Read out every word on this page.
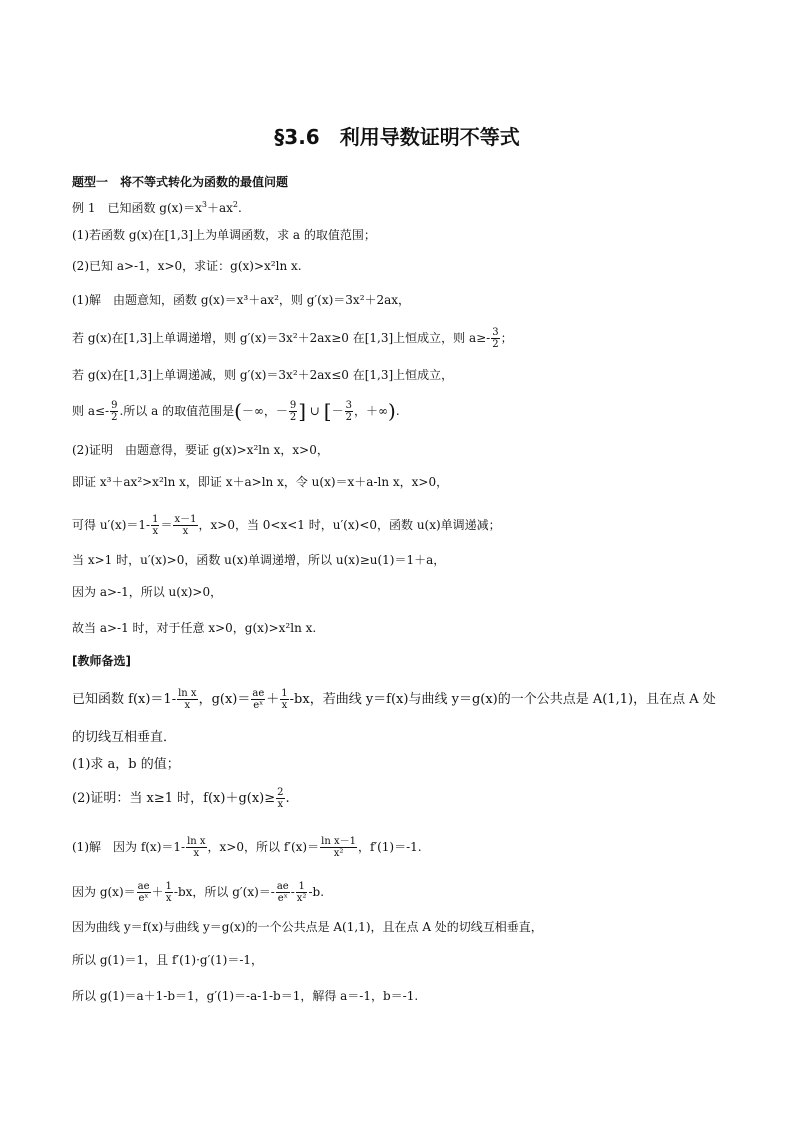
§3.6　利用导数证明不等式
题型一　将不等式转化为函数的最值问题
例 1　已知函数 $g(x)=x^3+ax^2$.
(1)若函数 g(x)在[1,3]上为单调函数，求 a 的取值范围；
(2)已知 a>-1，x>0，求证：g(x)>x²ln x.
(1)解　由题意知，函数 g(x)＝x³＋ax²，则 g′(x)＝3x²＋2ax，
若 g(x)在[1,3]上单调递增，则 g′(x)＝3x²＋2ax≥0 在[1,3]上恒成立，则 $a\ge- \frac{3}{2}$ ；
若 g(x)在[1,3]上单调递减，则 g′(x)＝3x²＋2ax≤0 在[1,3]上恒成立，
则 $a\le- \frac{9}{2}$ .所以 a 的取值范围是(－∞，－ $\frac{9}{2}$ ] ∪ [－ $\frac{3}{2}$ ，＋∞).
(2)证明　由题意得，要证 g(x)>x²ln x，x>0，
即证 x³＋ax²>x²ln x，即证 x＋a>ln x，令 u(x)＝x＋a-ln x，x>0，
可得 $u'(x)=1- \frac{1}{x} = \frac{x-1}{x}$ ，x>0，当 0<x<1 时，u′(x)<0，函数 u(x)单调递减；
当 x>1 时，u′(x)>0，函数 u(x)单调递增，所以 u(x)≥u(1)＝1＋a，
因为 a>-1，所以 u(x)>0，
故当 a>-1 时，对于任意 x>0，g(x)>x²ln x.
[教师备选]
已知函数 $f(x)=1- \frac{\text{ln x}}{x}$ ，$g(x)= \frac{ae}{\text{eˣ}} + \frac{1}{x} -bx$，若曲线 y＝f(x)与曲线 y＝g(x)的一个公共点是 A(1,1)，且在点 A 处
的切线互相垂直．
(1)求 a，b 的值；
(2)证明：当 x≥1 时，$f(x)+g(x)\ge \frac{2}{x}$ .
(1)解　因为 $f(x)=1- \frac{\text{ln x}}{x}$ ，x>0，所以 $f'(x)= \frac{\text{ln x－1}}{\text{x²}}$ ，f′(1)＝-1.
因为 $g(x)= \frac{ae}{\text{eˣ}} + \frac{1}{x} -bx$，所以 $g'(x)=- \frac{ae}{\text{eˣ}} - \frac{1}{\text{x²}} -b$.
因为曲线 y＝f(x)与曲线 y＝g(x)的一个公共点是 A(1,1)，且在点 A 处的切线互相垂直，
所以 g(1)＝1，且 f′(1)·g′(1)＝-1，
所以 g(1)＝a＋1-b＝1，g′(1)＝-a-1-b＝1，解得 a＝-1，b＝-1.
